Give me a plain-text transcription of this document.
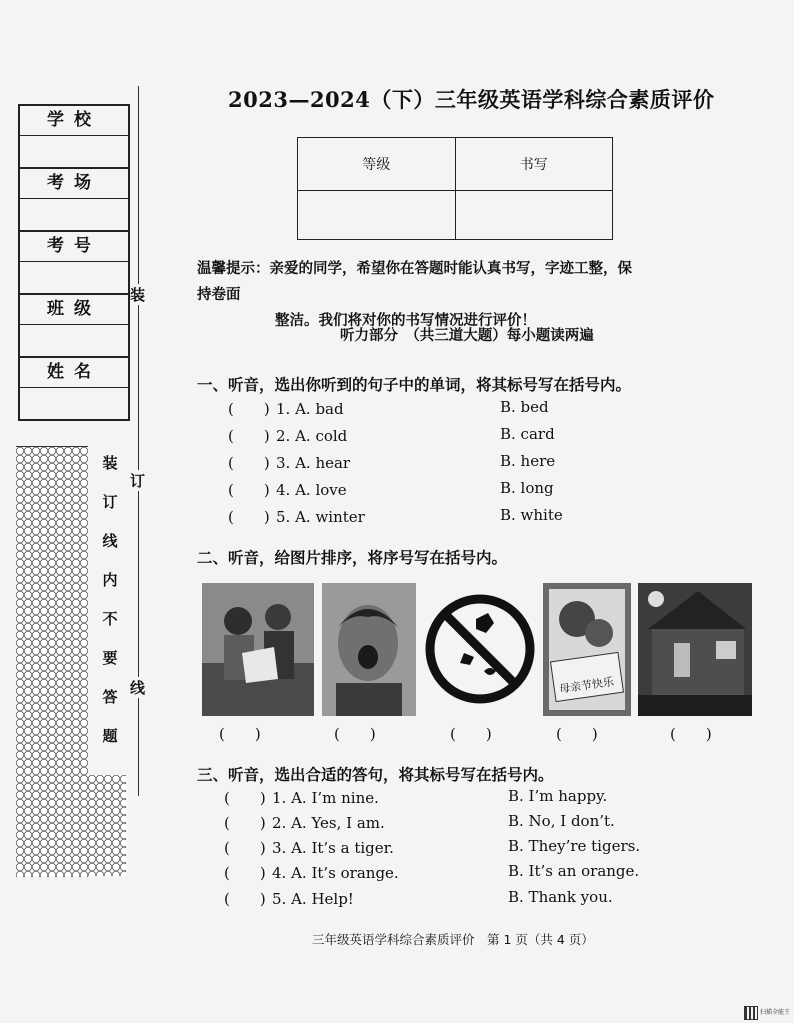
学校
考场
考号
班级
姓名
装
订
线
装
订
线
内
不
要
答
题
2023—2024（下）三年级英语学科综合素质评价
等级	书写

温馨提示：亲爱的同学，希望你在答题时能认真书写，字迹工整，保持卷面
整洁。我们将对你的书写情况进行评价！
听力部分　（共三道大题）每小题读两遍
一、听音，选出你听到的句子中的单词，将其标号写在括号内。
(　　) 1. A. bad	B. bed
(　　) 2. A. cold	B. card
(　　) 3. A. hear	B. here
(　　) 4. A. love	B. long
(　　) 5. A. winter	B. white
二、听音，给图片排序，将序号写在括号内。
母亲节快乐
(　　)	(　　)	(　　)	(　　)	(　　)
三、听音，选出合适的答句，将其标号写在括号内。
(　　) 1. A. I’m nine.	B. I’m happy.
(　　) 2. A. Yes, I am.	B. No, I don’t.
(　　) 3. A. It’s a tiger.	B. They’re tigers.
(　　) 4. A. It’s orange.	B. It’s an orange.
(　　) 5. A. Help!	B. Thank you.
三年级英语学科综合素质评价　第 1 页（共 4 页）
扫描全能王
